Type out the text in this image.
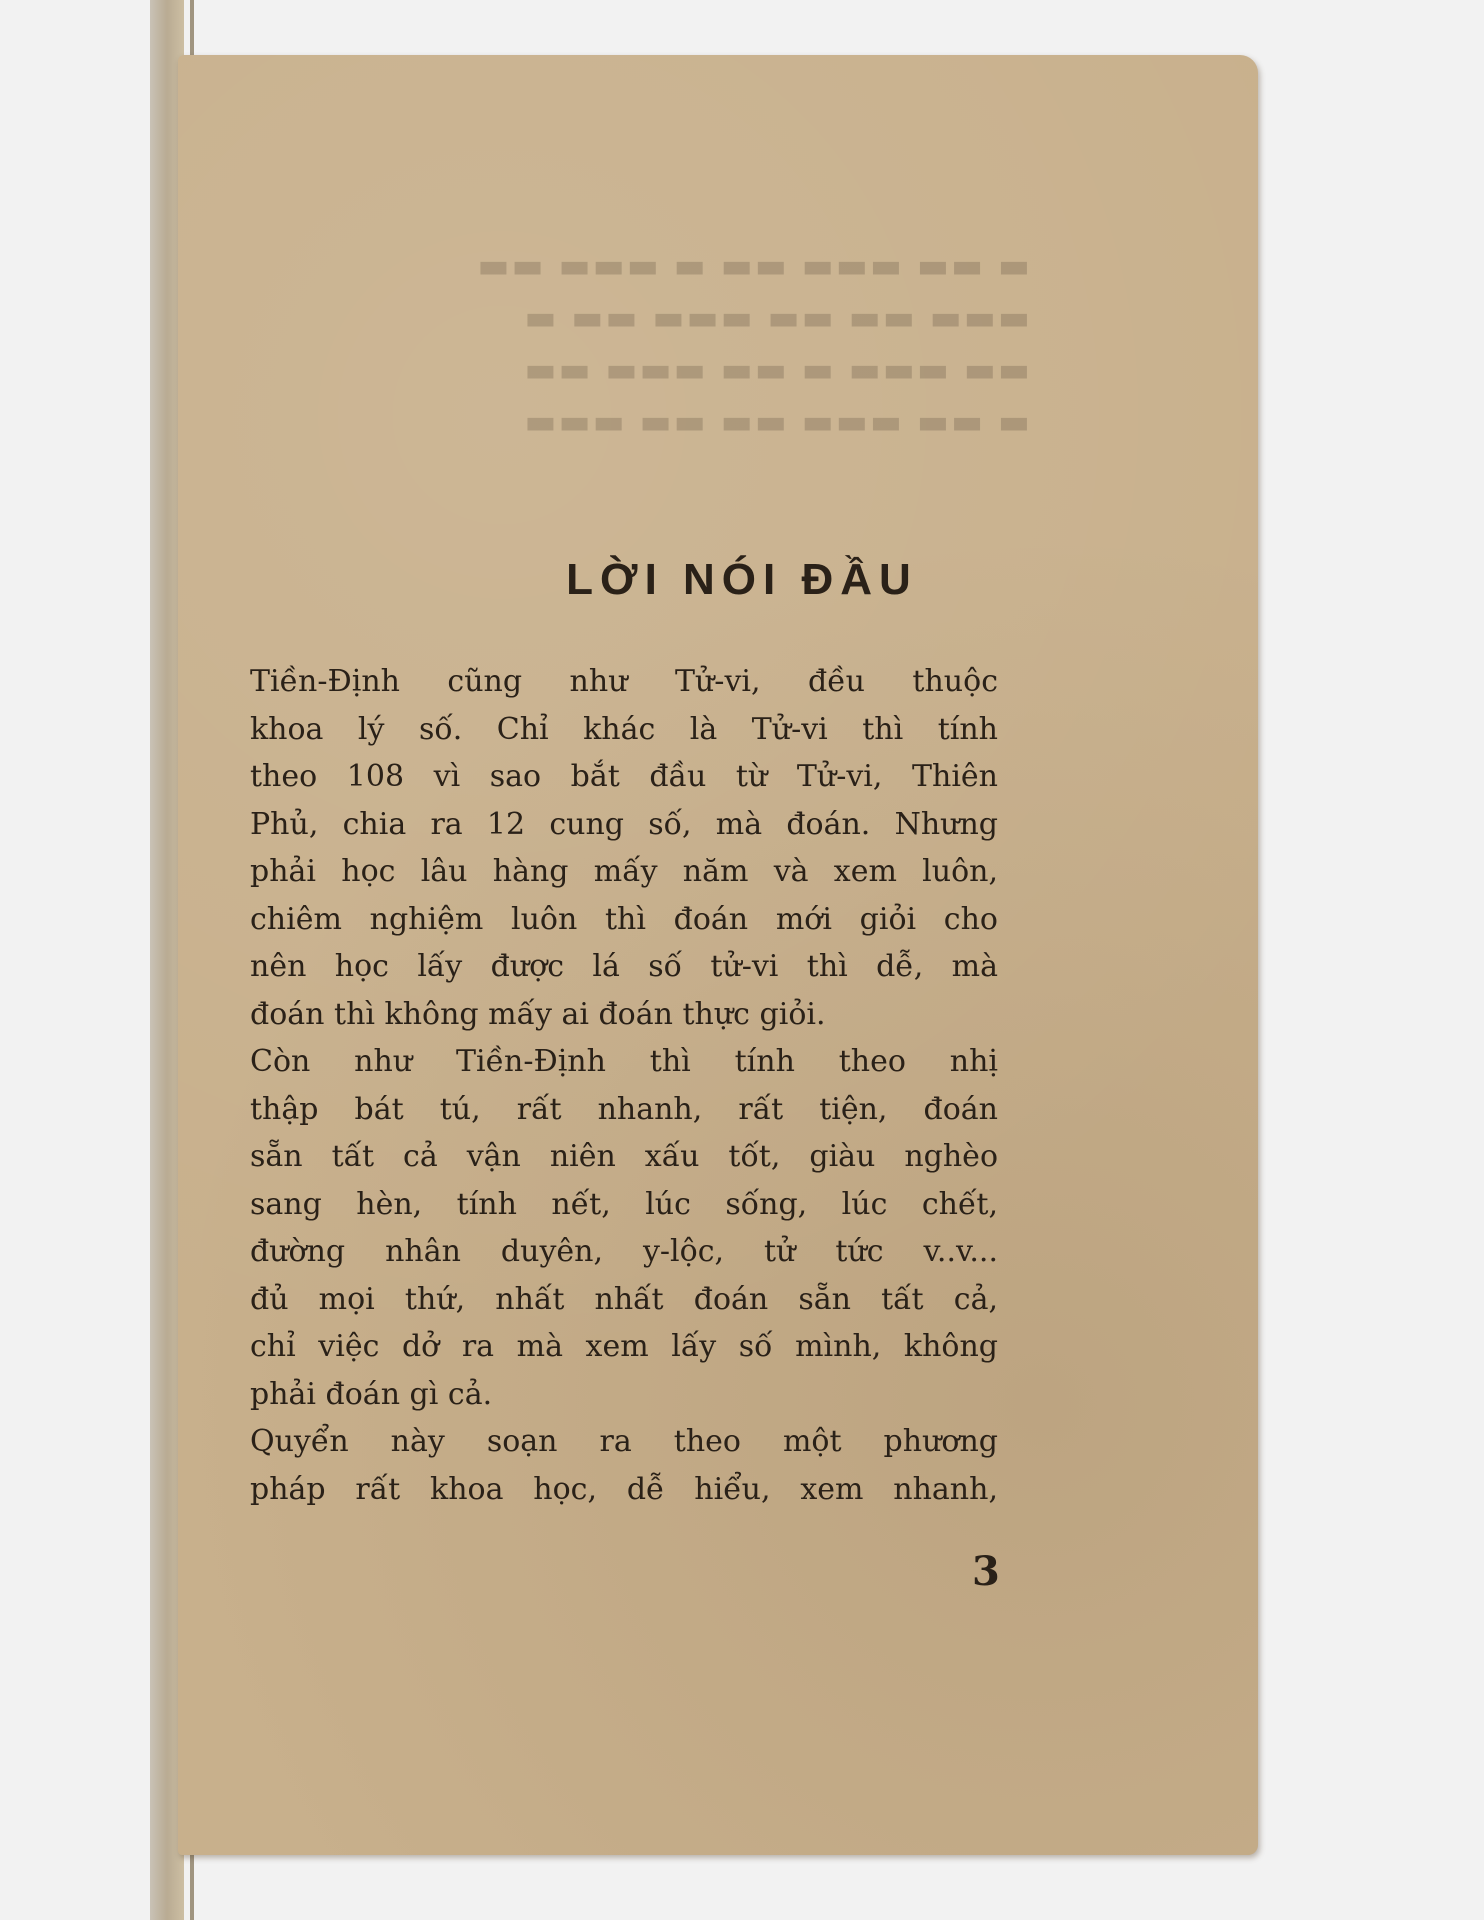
▬ ▬▬ ▬▬▬ ▬▬ ▬ ▬▬▬ ▬▬
▬▬▬ ▬▬ ▬▬ ▬▬▬ ▬▬ ▬
▬▬ ▬▬▬ ▬ ▬▬ ▬▬▬ ▬▬
▬ ▬▬ ▬▬▬ ▬▬ ▬▬ ▬▬▬
LỜI NÓI ĐẦU

Tiền-Định cũng như Tử-vi, đều thuộc
khoa lý số. Chỉ khác là Tử-vi thì tính
theo 108 vì sao bắt đầu từ Tử-vi, Thiên
Phủ, chia ra 12 cung số, mà đoán. Nhưng
phải học lâu hàng mấy năm và xem luôn,
chiêm nghiệm luôn thì đoán mới giỏi cho
nên học lấy được lá số tử-vi thì dễ, mà
đoán thì không mấy ai đoán thực giỏi.

Còn như Tiền-Định thì tính theo nhị
thập bát tú, rất nhanh, rất tiện, đoán
sẵn tất cả vận niên xấu tốt, giàu nghèo
sang hèn, tính nết, lúc sống, lúc chết,
đường nhân duyên, y-lộc, tử tức v..v...
đủ mọi thứ, nhất nhất đoán sẵn tất cả,
chỉ việc dở ra mà xem lấy số mình, không
phải đoán gì cả.

Quyển này soạn ra theo một phương
pháp rất khoa học, dễ hiểu, xem nhanh,

3
